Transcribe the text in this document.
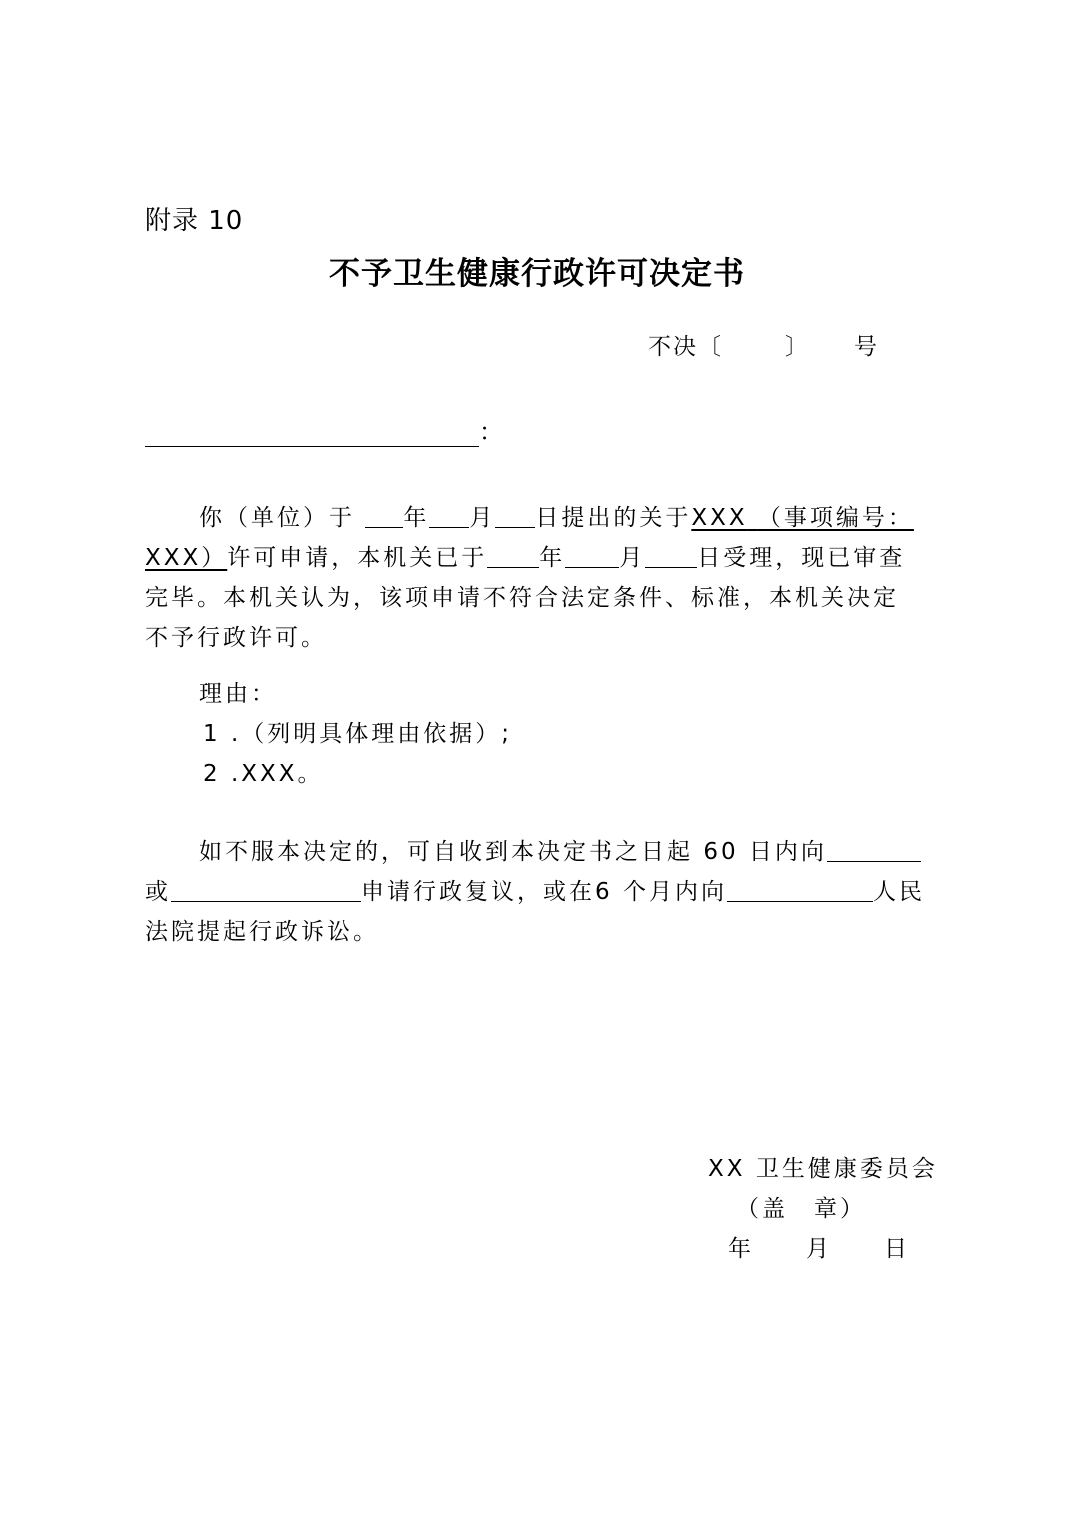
附录 10
不予卫生健康行政许可决定书
不决〔	〕 号
：
你（单位）于 年 月 日提出的关于XXX （事项编号：
XXX）许可申请，本机关已于 年 月 日受理，现已审查
完毕。本机关认为，该项申请不符合法定条件、标准，本机关决定
不予行政许可。
理由：
1 .（列明具体理由依据）;
2 .XXX。
如不服本决定的，可自收到本决定书之日起 60 日内向
或	申请行政复议，或在6 个月内向	人民
法院提起行政诉讼。
XX 卫生健康委员会
（盖　章）
年　　月　　日
